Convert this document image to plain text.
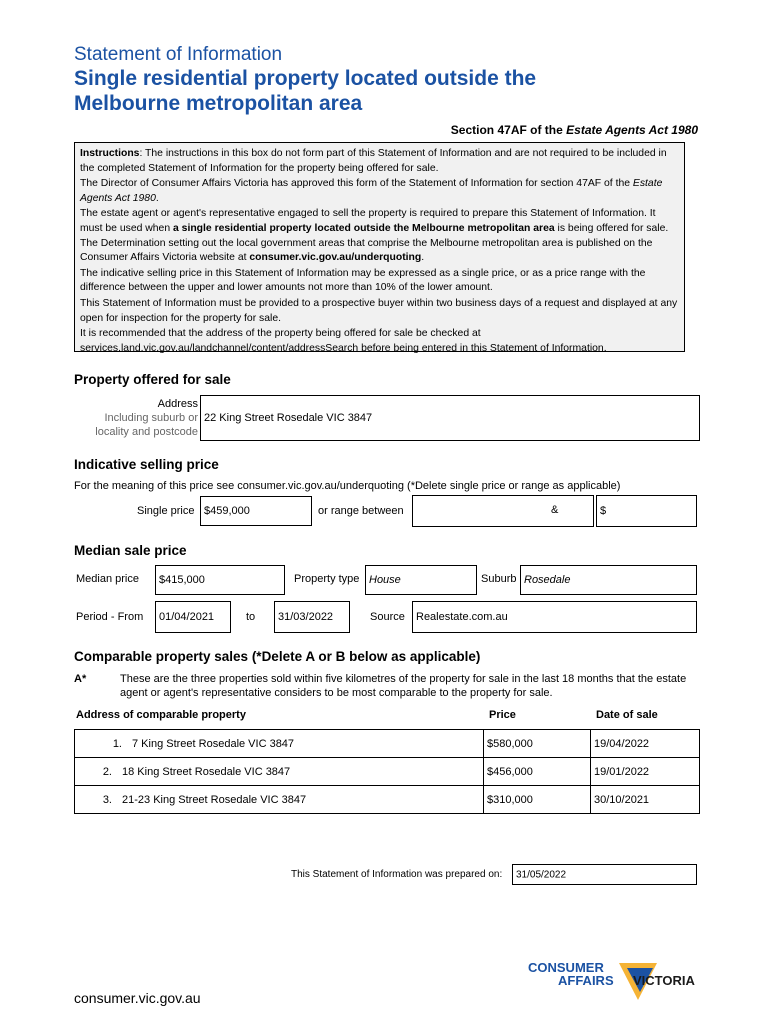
Statement of Information
Single residential property located outside the
Melbourne metropolitan area
Section 47AF of the Estate Agents Act 1980

Instructions: The instructions in this box do not form part of this Statement of Information and are not required to be included in the completed Statement of Information for the property being offered for sale.

The Director of Consumer Affairs Victoria has approved this form of the Statement of Information for section 47AF of the Estate Agents Act 1980.

The estate agent or agent's representative engaged to sell the property is required to prepare this Statement of Information. It must be used when a single residential property located outside the Melbourne metropolitan area is being offered for sale. The Determination setting out the local government areas that comprise the Melbourne metropolitan area is published on the Consumer Affairs Victoria website at consumer.vic.gov.au/underquoting.

The indicative selling price in this Statement of Information may be expressed as a single price, or as a price range with the difference between the upper and lower amounts not more than 10% of the lower amount.

This Statement of Information must be provided to a prospective buyer within two business days of a request and displayed at any open for inspection for the property for sale.

It is recommended that the address of the property being offered for sale be checked at services.land.vic.gov.au/landchannel/content/addressSearch before being entered in this Statement of Information.

Property offered for sale
Address
Including suburb or
locality and postcode
22 King Street Rosedale VIC 3847
Indicative selling price
For the meaning of this price see consumer.vic.gov.au/underquoting (*Delete single price or range as applicable)
Single price $459,000	or range between	&	$
Median sale price
Median price $415,000	Property type House	Suburb Rosedale
Period - From 01/04/2021	to 31/03/2022	Source Realestate.com.au
Comparable property sales (*Delete A or B below as applicable)
A*	These are the three properties sold within five kilometres of the property for sale in the last 18 months that the estate agent or agent's representative considers to be most comparable to the property for sale.
Address of comparable property	Price	Date of sale
1. 7 King Street Rosedale VIC 3847	$580,000	19/04/2022
2. 18 King Street Rosedale VIC 3847	$456,000	19/01/2022
3. 21-23 King Street Rosedale VIC 3847	$310,000	30/10/2021
This Statement of Information was prepared on: 31/05/2022
CONSUMER
AFFAIRS VICTORIA
consumer.vic.gov.au
